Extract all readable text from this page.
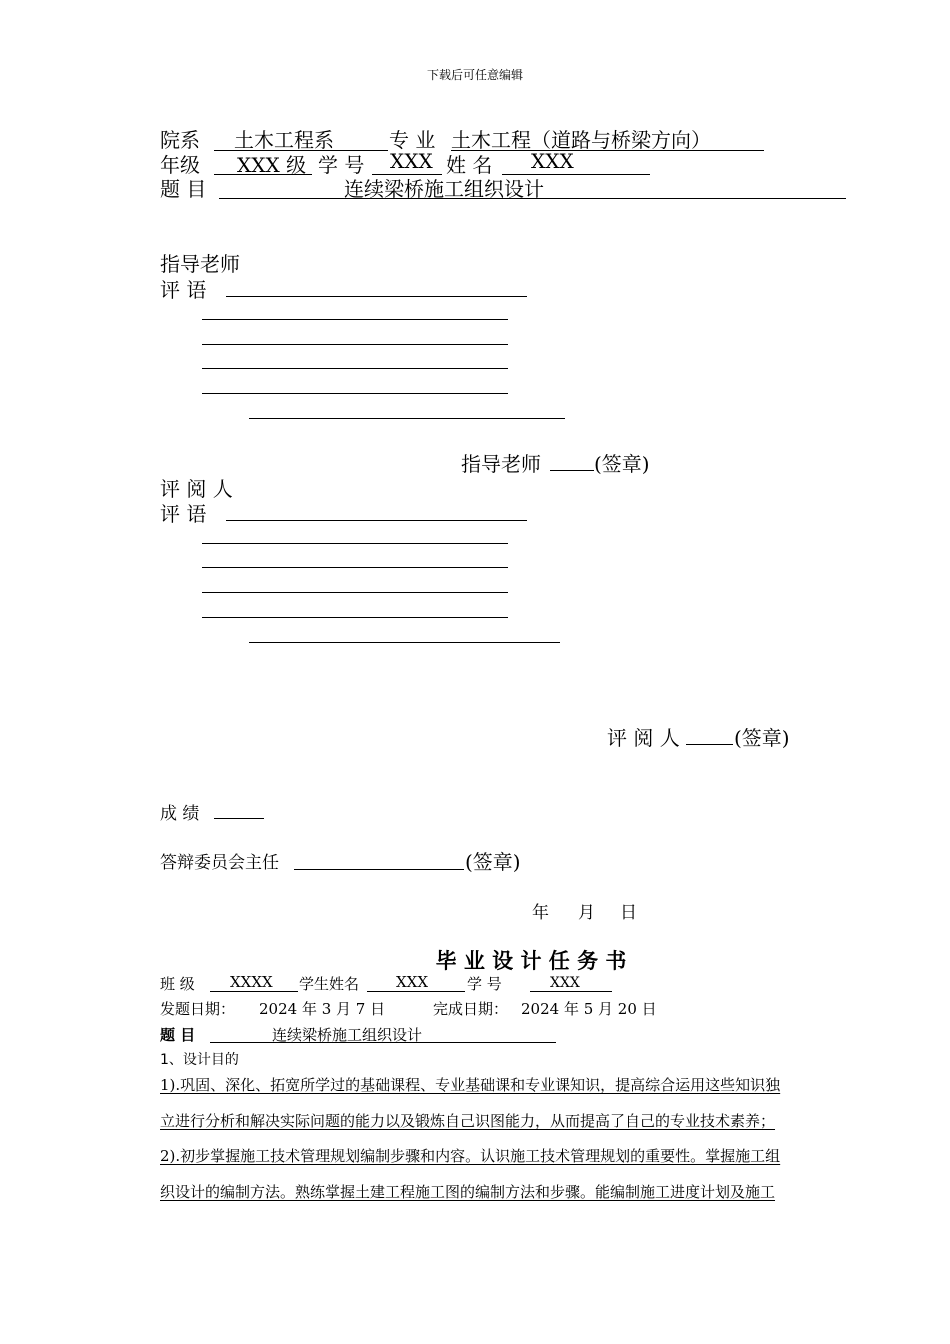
下载后可任意编辑
院系 土木工程系	专 业 土木工程（道路与桥梁方向）
年级 XXX 级 学 号 XXX 姓 名 XXX
题 目	连续梁桥施工组织设计
指导老师
评 语
指导老师	(签章)
评 阅 人
评 语
评 阅 人	(签章)
成 绩
答辩委员会主任	(签章)
年 月 日
毕 业 设 计 任 务 书
班 级 XXXX 学生姓名 XXX	学 号	XXX
发题日期： 2024 年 3 月 7 日	完成日期： 2024 年 5 月 20 日
题 目	连续梁桥施工组织设计
1、设计目的
1).巩固、深化、拓宽所学过的基础课程、专业基础课和专业课知识，提高综合运用这些知识独
立进行分析和解决实际问题的能力以及锻炼自己识图能力，从而提高了自己的专业技术素养；
2).初步掌握施工技术管理规划编制步骤和内容。认识施工技术管理规划的重要性。掌握施工组
织设计的编制方法。熟练掌握土建工程施工图的编制方法和步骤。能编制施工进度计划及施工
